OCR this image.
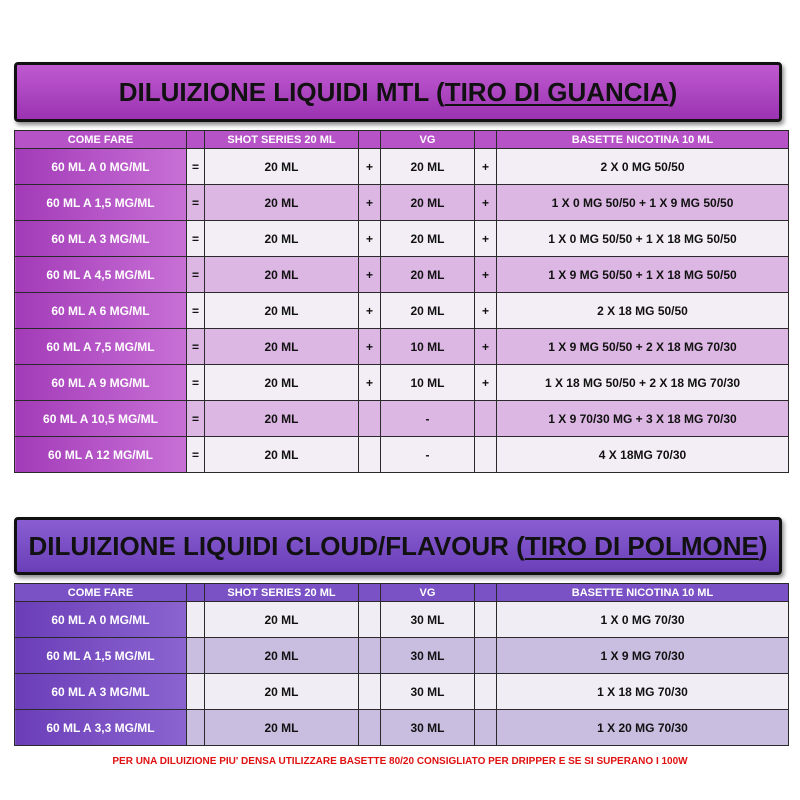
DILUIZIONE LIQUIDI MTL ( TIRO DI GUANCIA )
COME FARE		SHOT SERIES 20 ML		VG		BASETTE NICOTINA 10 ML
60 ML A 0 MG/ML	=	20 ML	+	20 ML	+	2 X 0 MG 50/50
60 ML A 1,5 MG/ML	=	20 ML	+	20 ML	+	1 X 0 MG 50/50 + 1 X 9 MG 50/50
60 ML A 3 MG/ML	=	20 ML	+	20 ML	+	1 X 0 MG 50/50 + 1 X 18 MG 50/50
60 ML A 4,5 MG/ML	=	20 ML	+	20 ML	+	1 X 9 MG 50/50 + 1 X 18 MG 50/50
60 ML A 6 MG/ML	=	20 ML	+	20 ML	+	2 X 18 MG 50/50
60 ML A 7,5 MG/ML	=	20 ML	+	10 ML	+	1 X 9 MG 50/50 + 2 X 18 MG 70/30
60 ML A 9 MG/ML	=	20 ML	+	10 ML	+	1 X 18 MG 50/50 + 2 X 18 MG 70/30
60 ML A 10,5 MG/ML	=	20 ML		-		1 X 9 70/30 MG + 3 X 18 MG 70/30
60 ML A 12 MG/ML	=	20 ML		-		4 X 18MG 70/30
DILUIZIONE LIQUIDI CLOUD/FLAVOUR ( TIRO DI POLMONE )
COME FARE		SHOT SERIES 20 ML		VG		BASETTE NICOTINA 10 ML
60 ML A 0 MG/ML		20 ML		30 ML		1 X 0 MG 70/30
60 ML A 1,5 MG/ML		20 ML		30 ML		1 X 9 MG 70/30
60 ML A 3 MG/ML		20 ML		30 ML		1 X 18 MG 70/30
60 ML A 3,3 MG/ML		20 ML		30 ML		1 X 20 MG 70/30
PER UNA DILUIZIONE PIU' DENSA UTILIZZARE BASETTE 80/20 CONSIGLIATO PER DRIPPER E SE SI SUPERANO I 100W
